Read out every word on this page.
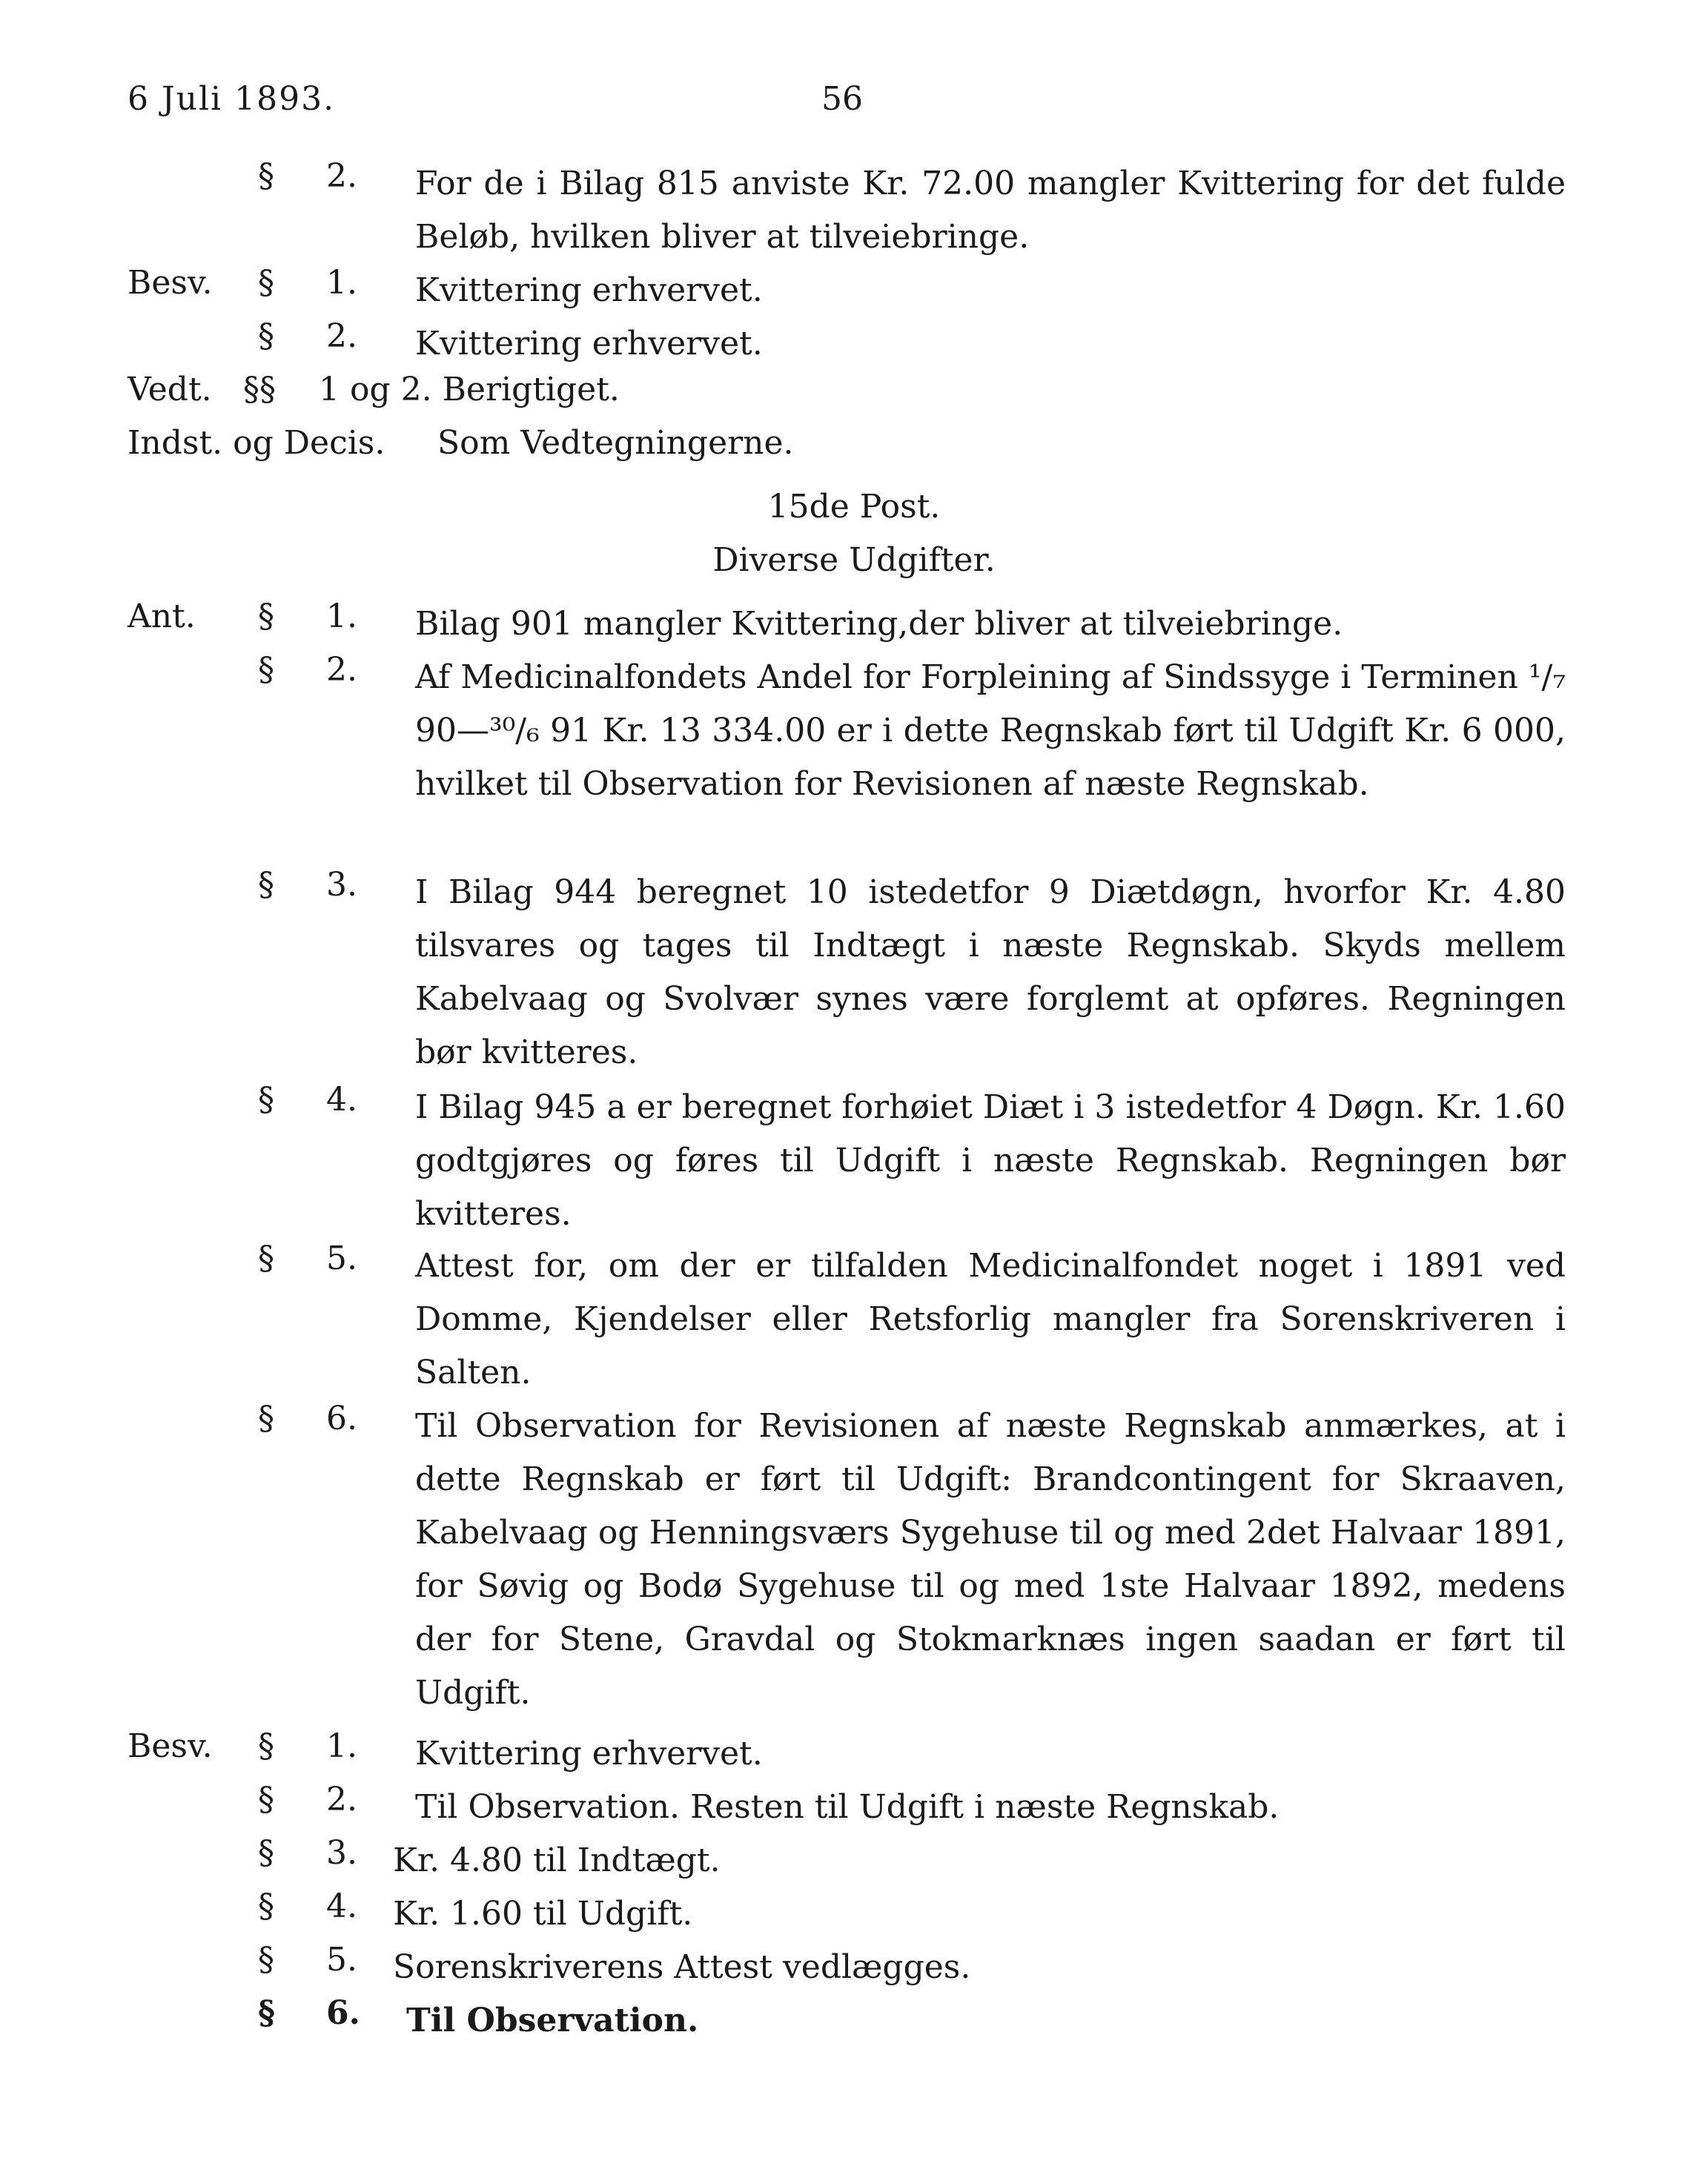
6 Juli 1893.	56
§ 2. For de i Bilag 815 anviste Kr. 72.00 mangler Kvittering for det fulde Beløb, hvilken bliver at tilveiebringe.
Besv. § 1. Kvittering erhvervet.
§ 2. Kvittering erhvervet.
Vedt. §§ 1 og 2. Berigtiget.
Indst. og Decis. Som Vedtegningerne.
15de Post.
Diverse Udgifter.
Ant. § 1. Bilag 901 mangler Kvittering,der bliver at tilveiebringe.
§ 2. Af Medicinalfondets Andel for Forpleining af Sindssyge i Terminen ¹/₇ 90—³⁰/₆ 91 Kr. 13 334.00 er i dette Regnskab ført til Udgift Kr. 6 000, hvilket til Observation for Revisionen af næste Regnskab.
§ 3. I Bilag 944 beregnet 10 istedetfor 9 Diætdøgn, hvorfor Kr. 4.80 tilsvares og tages til Indtægt i næste Regnskab. Skyds mellem Kabelvaag og Svolvær synes være forglemt at opføres. Regningen bør kvitteres.
§ 4. I Bilag 945 a er beregnet forhøiet Diæt i 3 istedetfor 4 Døgn. Kr. 1.60 godtgjøres og føres til Udgift i næste Regnskab. Regningen bør kvitteres.
§ 5. Attest for, om der er tilfalden Medicinalfondet noget i 1891 ved Domme, Kjendelser eller Retsforlig mangler fra Sorenskriveren i Salten.
§ 6. Til Observation for Revisionen af næste Regnskab anmærkes, at i dette Regnskab er ført til Udgift: Brandcontingent for Skraaven, Kabelvaag og Henningsværs Sygehuse til og med 2det Halvaar 1891, for Søvig og Bodø Sygehuse til og med 1ste Halvaar 1892, medens der for Stene, Gravdal og Stokmarknæs ingen saadan er ført til Udgift.
Besv. § 1. Kvittering erhvervet.
§ 2. Til Observation. Resten til Udgift i næste Regnskab.
§ 3. Kr. 4.80 til Indtægt.
§ 4. Kr. 1.60 til Udgift.
§ 5. Sorenskriverens Attest vedlægges.
§ 6. Til Observation.
